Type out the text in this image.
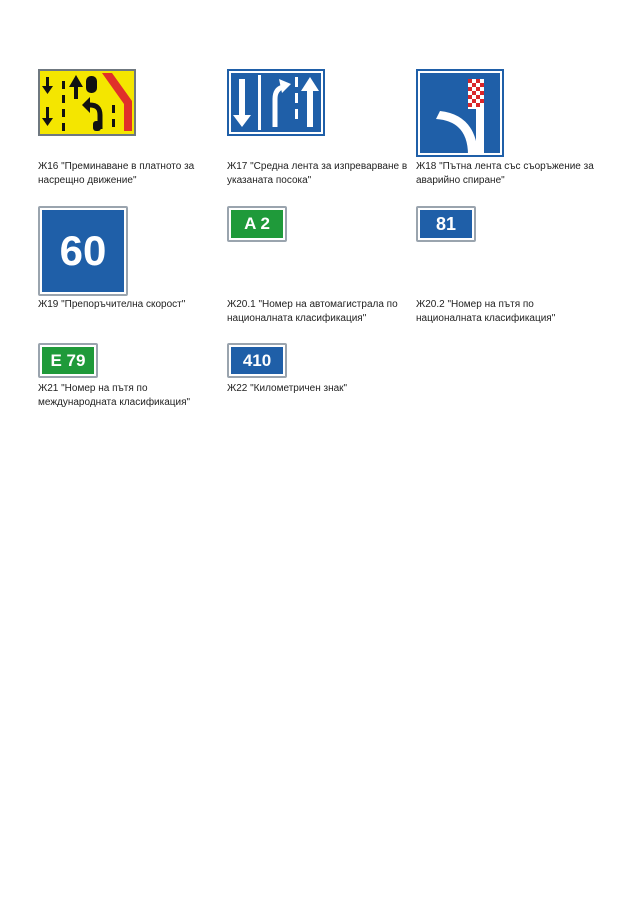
Ж16 "Преминаване в платното за насрещно движение"

Ж17 "Средна лента за изпреварване в указаната посока"

Ж18 "Пътна лента със съоръжение за аварийно спиране"

60

Ж19 "Препоръчителна скорост"

A 2

Ж20.1 "Номер на автомагистрала по националната класификация"

81

Ж20.2 "Номер на пътя по националната класификация"

E 79

Ж21 "Номер на пътя по международната класификация"

410

Ж22 "Километричен знак"
